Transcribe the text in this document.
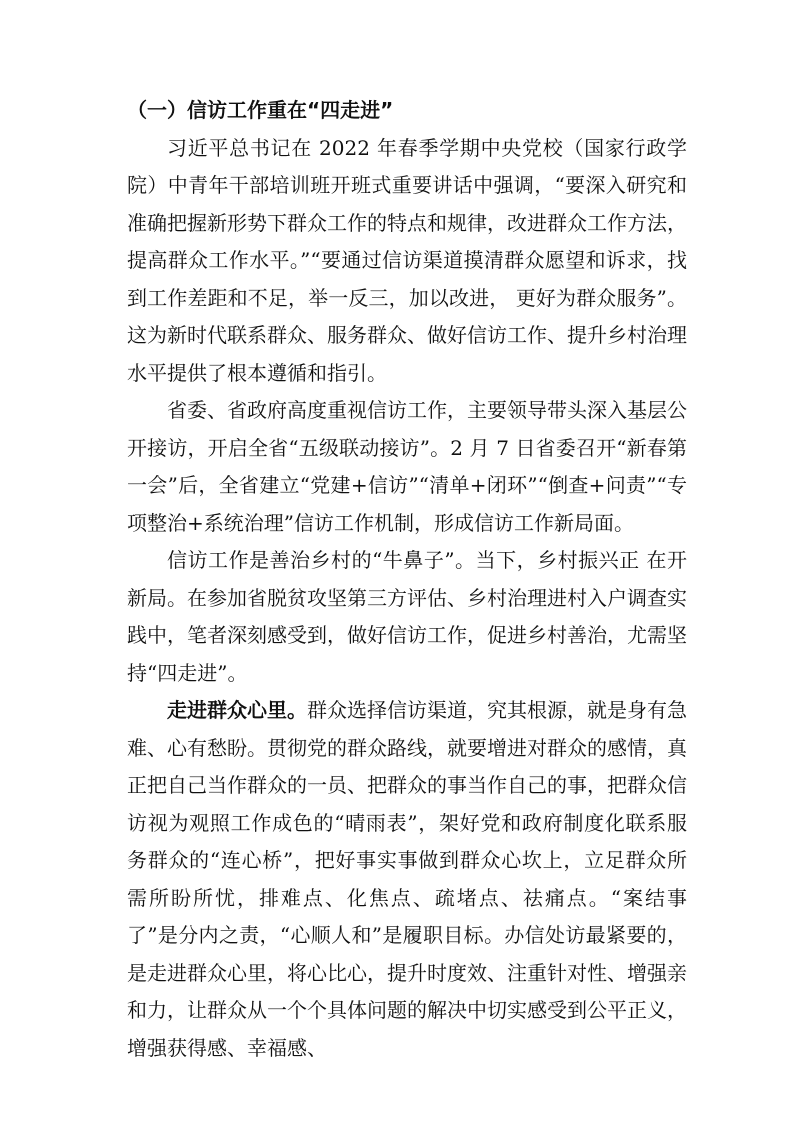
（一）信访工作重在“四走进”

习近平总书记在 2022 年春季学期中央党校（国家行政学院）中青年干部培训班开班式重要讲话中强调，“要深入研究和准确把握新形势下群众工作的特点和规律，改进群众工作方法，提高群众工作水平。”“要通过信访渠道摸清群众愿望和诉求，找到工作差距和不足，举一反三，加以改进， 更好为群众服务”。这为新时代联系群众、服务群众、做好信访工作、提升乡村治理水平提供了根本遵循和指引。

省委、省政府高度重视信访工作，主要领导带头深入基层公开接访，开启全省“五级联动接访”。2 月 7 日省委召开“新春第一会”后，全省建立“党建+信访”“清单+闭环”“倒查+问责”“专项整治+系统治理”信访工作机制，形成信访工作新局面。

信访工作是善治乡村的“牛鼻子”。当下，乡村振兴正 在开新局。在参加省脱贫攻坚第三方评估、乡村治理进村入户调查实践中，笔者深刻感受到，做好信访工作，促进乡村善治，尤需坚持“四走进”。

走进群众心里。群众选择信访渠道，究其根源，就是身有急难、心有愁盼。贯彻党的群众路线，就要增进对群众的感情，真正把自己当作群众的一员、把群众的事当作自己的事，把群众信访视为观照工作成色的“晴雨表”，架好党和政府制度化联系服务群众的“连心桥”，把好事实事做到群众心坎上，立足群众所需所盼所忧，排难点、化焦点、疏堵点、祛痛点。“案结事了”是分内之责，“心顺人和”是履职目标。办信处访最紧要的，是走进群众心里，将心比心，提升时度效、注重针对性、增强亲和力，让群众从一个个具体问题的解决中切实感受到公平正义，增强获得感、幸福感、
